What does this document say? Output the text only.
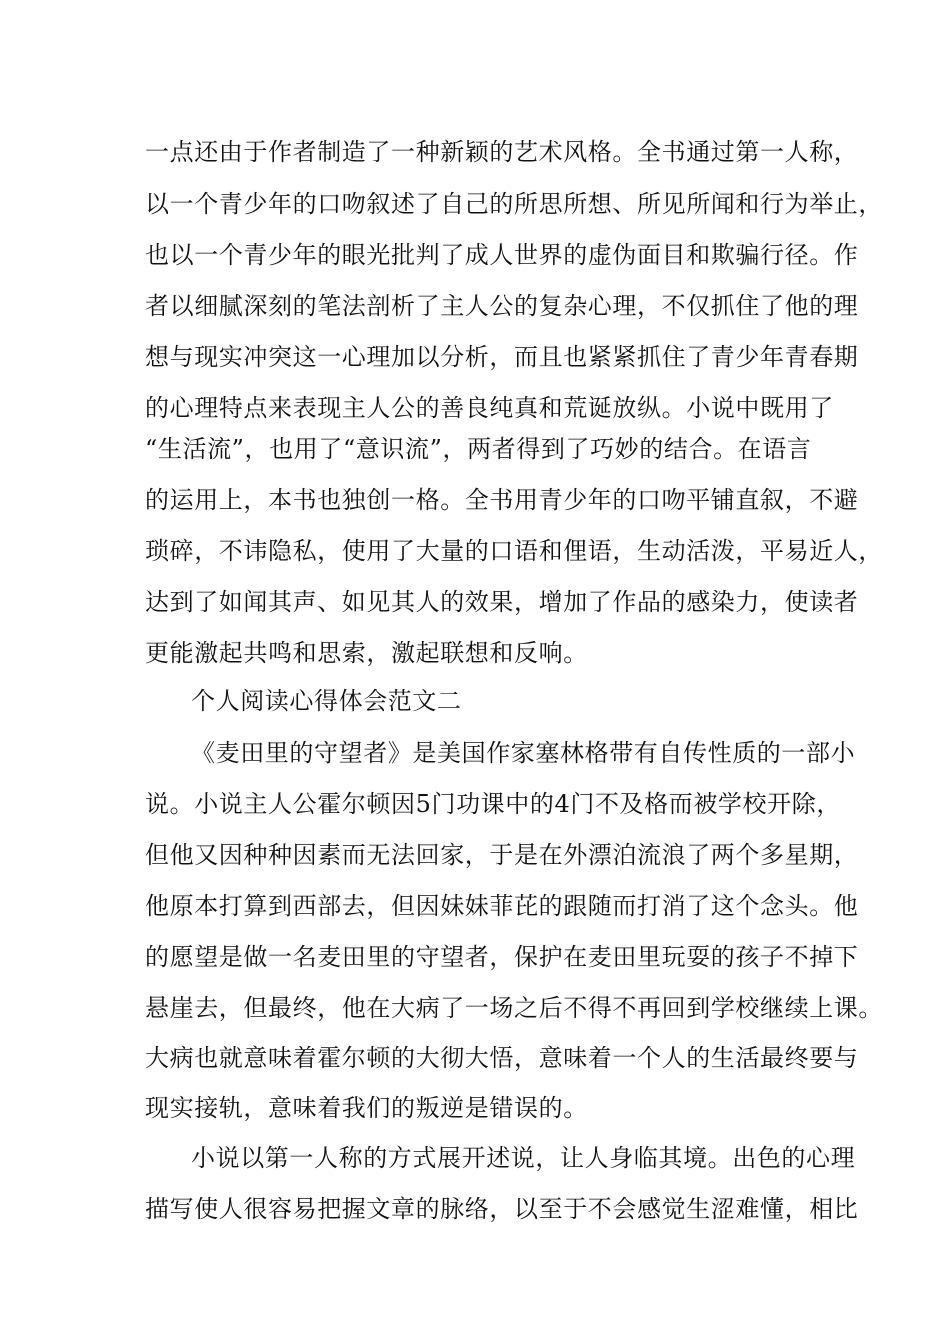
一点还由于作者制造了一种新颖的艺术风格。全书通过第一人称，
以一个青少年的口吻叙述了自己的所思所想、所见所闻和行为举止，
也以一个青少年的眼光批判了成人世界的虚伪面目和欺骗行径。作
者以细腻深刻的笔法剖析了主人公的复杂心理，不仅抓住了他的理
想与现实冲突这一心理加以分析，而且也紧紧抓住了青少年青春期
的心理特点来表现主人公的善良纯真和荒诞放纵。小说中既用了
“生活流”，也用了“意识流”，两者得到了巧妙的结合。在语言
的运用上，本书也独创一格。全书用青少年的口吻平铺直叙，不避
琐碎，不讳隐私，使用了大量的口语和俚语，生动活泼，平易近人，
达到了如闻其声、如见其人的效果，增加了作品的感染力，使读者
更能激起共鸣和思索，激起联想和反响。
个人阅读心得体会范文二
《麦田里的守望者》是美国作家塞林格带有自传性质的一部小
说。小说主人公霍尔顿因5门功课中的4门不及格而被学校开除，
但他又因种种因素而无法回家，于是在外漂泊流浪了两个多星期，
他原本打算到西部去，但因妹妹菲芘的跟随而打消了这个念头。他
的愿望是做一名麦田里的守望者，保护在麦田里玩耍的孩子不掉下
悬崖去，但最终，他在大病了一场之后不得不再回到学校继续上课。
大病也就意味着霍尔顿的大彻大悟，意味着一个人的生活最终要与
现实接轨，意味着我们的叛逆是错误的。
小说以第一人称的方式展开述说，让人身临其境。出色的心理
描写使人很容易把握文章的脉络，以至于不会感觉生涩难懂，相比
